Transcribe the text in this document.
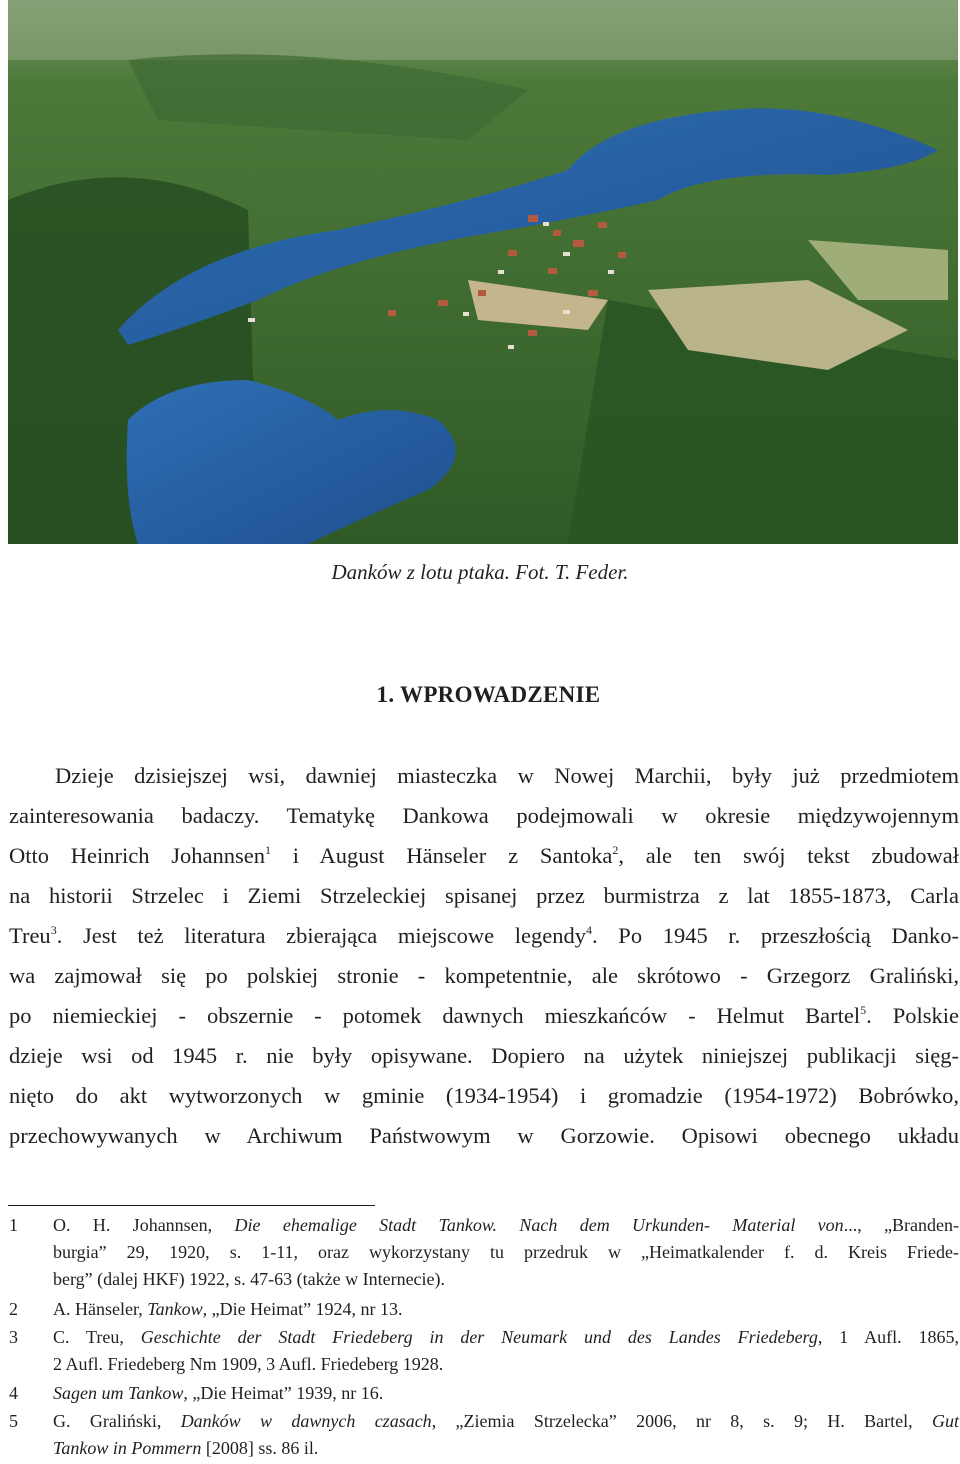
Danków z lotu ptaka. Fot. T. Feder.
1. WPROWADZENIE
Dzieje dzisiejszej wsi, dawniej miasteczka w Nowej Marchii, były już przedmiotem
zainteresowania badaczy. Tematykę Dankowa podejmowali w okresie międzywojennym
Otto Heinrich Johannsen$^1$ i August Hänseler z Santoka$^2$, ale ten swój tekst zbudował
na historii Strzelec i Ziemi Strzeleckiej spisanej przez burmistrza z lat 1855-1873, Carla
Treu$^3$. Jest też literatura zbierająca miejscowe legendy$^4$. Po 1945 r. przeszłością Danko-
wa zajmował się po polskiej stronie - kompetentnie, ale skrótowo - Grzegorz Graliński,
po niemieckiej - obszernie - potomek dawnych mieszkańców - Helmut Bartel$^5$. Polskie
dzieje wsi od 1945 r. nie były opisywane. Dopiero na użytek niniejszej publikacji sięg-
nięto do akt wytworzonych w gminie (1934-1954) i gromadzie (1954-1972) Bobrówko,
przechowywanych w Archiwum Państwowym w Gorzowie. Opisowi obecnego układu
1 O. H. Johannsen, Die ehemalige Stadt Tankow. Nach dem Urkunden- Material von..., „Branden-
burgia” 29, 1920, s. 1-11, oraz wykorzystany tu przedruk w „Heimatkalender f. d. Kreis Friede-
berg” (dalej HKF) 1922, s. 47-63 (także w Internecie).
2 A. Hänseler, Tankow, „Die Heimat” 1924, nr 13.
3 C. Treu, Geschichte der Stadt Friedeberg in der Neumark und des Landes Friedeberg, 1 Aufl. 1865,
2 Aufl. Friedeberg Nm 1909, 3 Aufl. Friedeberg 1928.
4 Sagen um Tankow, „Die Heimat” 1939, nr 16.
5 G. Graliński, Danków w dawnych czasach, „Ziemia Strzelecka” 2006, nr 8, s. 9; H. Bartel, Gut
Tankow in Pommern [2008] ss. 86 il.
